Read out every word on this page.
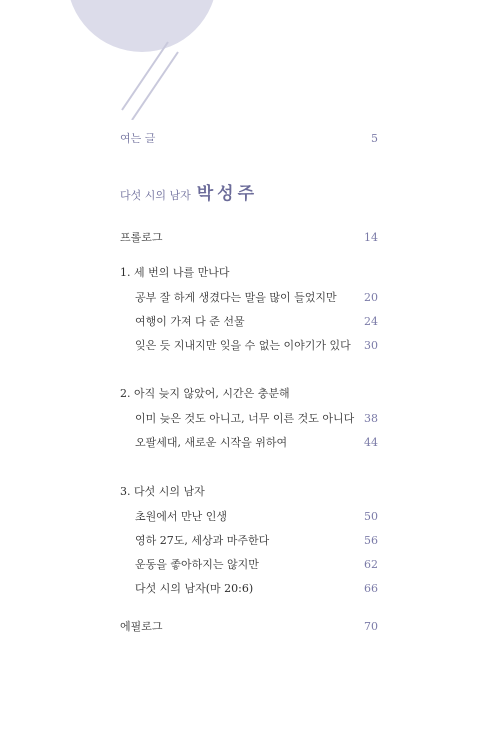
여는 글	5
다섯 시의 남자 박성주
프롤로그	14
1. 세 번의 나를 만나다
공부 잘 하게 생겼다는 말을 많이 들었지만 20
여행이 가져 다 준 선물	24
잊은 듯 지내지만 잊을 수 없는 이야기가 있다 30
2. 아직 늦지 않았어, 시간은 충분해
이미 늦은 것도 아니고, 너무 이른 것도 아니다 38
오팔세대, 새로운 시작을 위하여	44
3. 다섯 시의 남자
초원에서 만난 인생	50
영하 27도, 세상과 마주한다	56
운동을 좋아하지는 않지만	62
다섯 시의 남자(마 20:6)	66
에필로그	70
